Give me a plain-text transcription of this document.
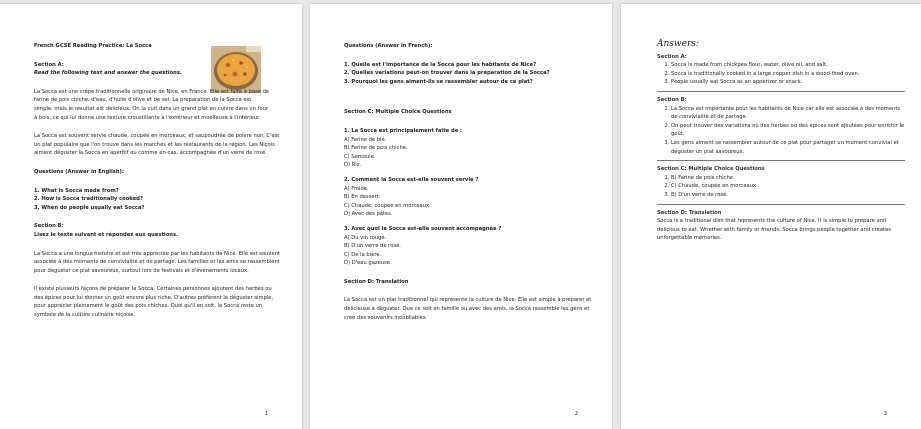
French GCSE Reading Practice: La Socca

Section A:

Read the following text and answer the questions.

La Socca est une crêpe traditionnelle originaire de Nice, en France. Elle est faite à base de farine de pois chiche, d'eau, d'huile d'olive et de sel. La préparation de la Socca est simple, mais le résultat est délicieux. On la cuit dans un grand plat en cuivre dans un four à bois, ce qui lui donne une texture croustillante à l'extérieur et moelleuse à l'intérieur.

La Socca est souvent servie chaude, coupée en morceaux, et saupoudrée de poivre noir. C'est un plat populaire que l'on trouve dans les marchés et les restaurants de la région. Les Niçois aiment déguster la Socca en apéritif ou comme en-cas, accompagnée d'un verre de rosé.

Questions (Answer in English):

1. What is Socca made from?
2. How is Socca traditionally cooked?
3. When do people usually eat Socca?

Section B:

Lisez le texte suivant et répondez aux questions.

La Socca a une longue histoire et est très appréciée par les habitants de Nice. Elle est souvent associée à des moments de convivialité et de partage. Les familles et les amis se rassemblent pour déguster ce plat savoureux, surtout lors de festivals et d'événements locaux.

Il existe plusieurs façons de préparer la Socca. Certaines personnes ajoutent des herbes ou des épices pour lui donner un goût encore plus riche. D'autres préfèrent la déguster simple, pour apprécier pleinement le goût des pois chiches. Quoi qu'il en soit, la Socca reste un symbole de la culture culinaire niçoise.

1

Questions (Answer in French):

1. Quelle est l'importance de la Socca pour les habitants de Nice?
2. Quelles variations peut-on trouver dans la préparation de la Socca?
3. Pourquoi les gens aiment-ils se rassembler autour de ce plat?

Section C: Multiple Choice Questions

1. La Socca est principalement faite de :

A) Farine de blé.
B) Farine de pois chiche.
C) Semoule.
D) Riz.

2. Comment la Socca est-elle souvent servie ?

A) Froide.
B) En dessert.
C) Chaude, coupée en morceaux.
D) Avec des pâtes.

3. Avec quoi la Socca est-elle souvent accompagnée ?

A) Du vin rouge.
B) D'un verre de rosé.
C) De la bière.
D) D'eau gazeuse.

Section D: Translation

La Socca est un plat traditionnel qui représente la culture de Nice. Elle est simple à préparer et délicieuse à déguster. Que ce soit en famille ou avec des amis, la Socca rassemble les gens et crée des souvenirs inoubliables.

2

Answers:

Section A:

1. Socca is made from chickpea flour, water, olive oil, and salt.
2. Socca is traditionally cooked in a large copper dish in a wood-fired oven.
3. People usually eat Socca as an appetizer or snack.

Section B:

1. La Socca est importante pour les habitants de Nice car elle est associée à des moments de convivialité et de partage.
2. On peut trouver des variations où des herbes ou des épices sont ajoutées pour enrichir le goût.
3. Les gens aiment se rassembler autour de ce plat pour partager un moment convivial et déguster un plat savoureux.

Section C: Multiple Choice Questions

1. B) Farine de pois chiche.
2. C) Chaude, coupée en morceaux.
3. B) D'un verre de rosé.

Section D: Translation

Socca is a traditional dish that represents the culture of Nice. It is simple to prepare and delicious to eat. Whether with family or friends, Socca brings people together and creates unforgettable memories.

3
